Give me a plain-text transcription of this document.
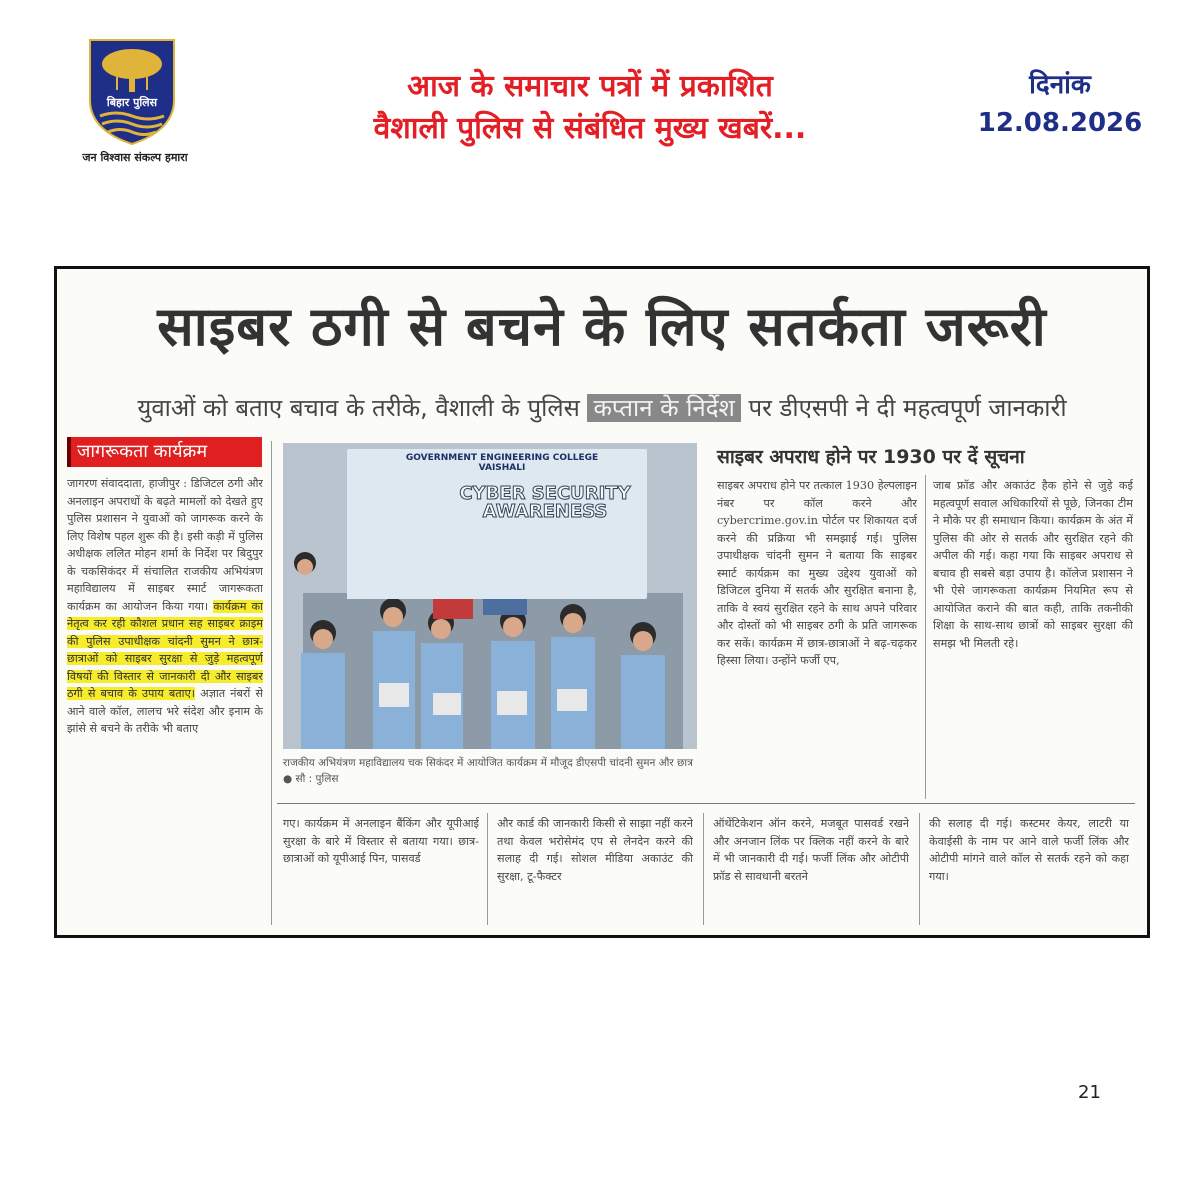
बिहार पुलिस
जन विश्वास संकल्प हमारा
आज के समाचार पत्रों में प्रकाशित
वैशाली पुलिस से संबंधित मुख्य खबरें...
दिनांक
12.08.2026
साइबर ठगी से बचने के लिए सतर्कता जरूरी
युवाओं को बताए बचाव के तरीके, वैशाली के पुलिस कप्तान के निर्देश पर डीएसपी ने दी महत्वपूर्ण जानकारी
जागरूकता कार्यक्रम
जागरण संवाददाता, हाजीपुर : डिजिटल ठगी और अनलाइन अपराधों के बढ़ते मामलों को देखते हुए पुलिस प्रशासन ने युवाओं को जागरूक करने के लिए विशेष पहल शुरू की है। इसी कड़ी में पुलिस अधीक्षक ललित मोहन शर्मा के निर्देश पर बिदुपुर के चकसिकंदर में संचालित राजकीय अभियंत्रण महाविद्यालय में साइबर स्मार्ट जागरूकता कार्यक्रम का आयोजन किया गया। कार्यक्रम का नेतृत्व कर रही कौशल प्रधान सह साइबर क्राइम की पुलिस उपाधीक्षक चांदनी सुमन ने छात्र-छात्राओं को साइबर सुरक्षा से जुड़े महत्वपूर्ण विषयों की विस्तार से जानकारी दी और साइबर ठगी से बचाव के उपाय बताए। अज्ञात नंबरों से आने वाले कॉल, लालच भरे संदेश और इनाम के झांसे से बचने के तरीके भी बताए
GOVERNMENT ENGINEERING COLLEGE VAISHALI
CYBER SECURITY AWARENESS
राजकीय अभियंत्रण महाविद्यालय चक सिकंदर में आयोजित कार्यक्रम में मौजूद डीएसपी चांदनी सुमन और छात्र ● सौ : पुलिस
साइबर अपराध होने पर 1930 पर दें सूचना
साइबर अपराध होने पर तत्काल 1930 हेल्पलाइन नंबर पर कॉल करने और cybercrime.gov.in पोर्टल पर शिकायत दर्ज करने की प्रक्रिया भी समझाई गई। पुलिस उपाधीक्षक चांदनी सुमन ने बताया कि साइबर स्मार्ट कार्यक्रम का मुख्य उद्देश्य युवाओं को डिजिटल दुनिया में सतर्क और सुरक्षित बनाना है, ताकि वे स्वयं सुरक्षित रहने के साथ अपने परिवार और दोस्तों को भी साइबर ठगी के प्रति जागरूक कर सकें। कार्यक्रम में छात्र-छात्राओं ने बढ़-चढ़कर हिस्सा लिया। उन्होंने फर्जी एप,
जाब फ्रॉड और अकाउंट हैक होने से जुड़े कई महत्वपूर्ण सवाल अधिकारियों से पूछे, जिनका टीम ने मौके पर ही समाधान किया। कार्यक्रम के अंत में पुलिस की ओर से सतर्क और सुरक्षित रहने की अपील की गई। कहा गया कि साइबर अपराध से बचाव ही सबसे बड़ा उपाय है। कॉलेज प्रशासन ने भी ऐसे जागरूकता कार्यक्रम नियमित रूप से आयोजित कराने की बात कही, ताकि तकनीकी शिक्षा के साथ-साथ छात्रों को साइबर सुरक्षा की समझ भी मिलती रहे।
गए। कार्यक्रम में अनलाइन बैंकिंग और यूपीआई सुरक्षा के बारे में विस्तार से बताया गया। छात्र-छात्राओं को यूपीआई पिन, पासवर्ड
और कार्ड की जानकारी किसी से साझा नहीं करने तथा केवल भरोसेमंद एप से लेनदेन करने की सलाह दी गई। सोशल मीडिया अकाउंट की सुरक्षा, टू-फैक्टर
ऑथेंटिकेशन ऑन करने, मजबूत पासवर्ड रखने और अनजान लिंक पर क्लिक नहीं करने के बारे में भी जानकारी दी गई। फर्जी लिंक और ओटीपी फ्रॉड से सावधानी बरतने
की सलाह दी गई। कस्टमर केयर, लाटरी या केवाईसी के नाम पर आने वाले फर्जी लिंक और ओटीपी मांगने वाले कॉल से सतर्क रहने को कहा गया।
21
